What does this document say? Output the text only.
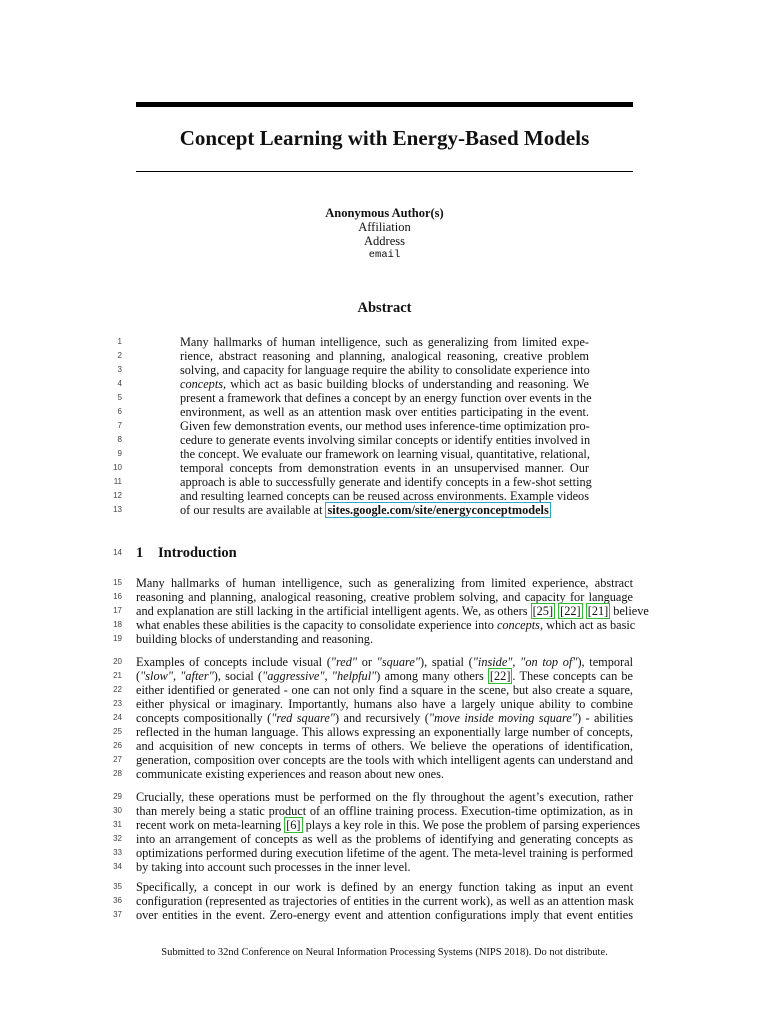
Concept Learning with Energy-Based Models
Anonymous Author(s)
Affiliation
Address
email
Abstract
1
2
3
4
5
6
7
8
9
10
11
12
13
Many hallmarks of human intelligence, such as generalizing from limited expe-
rience, abstract reasoning and planning, analogical reasoning, creative problem
solving, and capacity for language require the ability to consolidate experience into
concepts, which act as basic building blocks of understanding and reasoning. We
present a framework that defines a concept by an energy function over events in the
environment, as well as an attention mask over entities participating in the event.
Given few demonstration events, our method uses inference-time optimization pro-
cedure to generate events involving similar concepts or identify entities involved in
the concept. We evaluate our framework on learning visual, quantitative, relational,
temporal concepts from demonstration events in an unsupervised manner. Our
approach is able to successfully generate and identify concepts in a few-shot setting
and resulting learned concepts can be reused across environments. Example videos
of our results are available at sites.google.com/site/energyconceptmodels
14 1 Introduction
15
16
17
18
19
Many hallmarks of human intelligence, such as generalizing from limited experience, abstract
reasoning and planning, analogical reasoning, creative problem solving, and capacity for language
and explanation are still lacking in the artificial intelligent agents. We, as others [25] [22] [21] believe
what enables these abilities is the capacity to consolidate experience into concepts, which act as basic
building blocks of understanding and reasoning.
20
21
22
23
24
25
26
27
28
Examples of concepts include visual ("red" or "square"), spatial ("inside", "on top of"), temporal
("slow", "after"), social ("aggressive", "helpful") among many others [22] . These concepts can be
either identified or generated - one can not only find a square in the scene, but also create a square,
either physical or imaginary. Importantly, humans also have a largely unique ability to combine
concepts compositionally ("red square") and recursively ("move inside moving square") - abilities
reflected in the human language. This allows expressing an exponentially large number of concepts,
and acquisition of new concepts in terms of others. We believe the operations of identification,
generation, composition over concepts are the tools with which intelligent agents can understand and
communicate existing experiences and reason about new ones.
29
30
31
32
33
34
Crucially, these operations must be performed on the fly throughout the agent’s execution, rather
than merely being a static product of an offline training process. Execution-time optimization, as in
recent work on meta-learning [6] plays a key role in this. We pose the problem of parsing experiences
into an arrangement of concepts as well as the problems of identifying and generating concepts as
optimizations performed during execution lifetime of the agent. The meta-level training is performed
by taking into account such processes in the inner level.
35
36
37
Specifically, a concept in our work is defined by an energy function taking as input an event
configuration (represented as trajectories of entities in the current work), as well as an attention mask
over entities in the event. Zero-energy event and attention configurations imply that event entities
Submitted to 32nd Conference on Neural Information Processing Systems (NIPS 2018). Do not distribute.
